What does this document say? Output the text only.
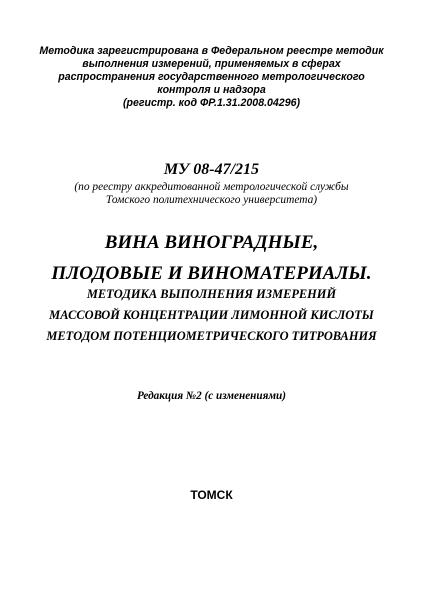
Методика зарегистрирована в Федеральном реестре методик
выполнения измерений, применяемых в сферах
распространения государственного метрологического
контроля и надзора
(регистр. код ФР.1.31.2008.04296)
МУ 08-47/215
(по реестру аккредитованной метрологической службы
Томского политехнического университета)
ВИНА ВИНОГРАДНЫЕ,
ПЛОДОВЫЕ И ВИНОМАТЕРИАЛЫ.
МЕТОДИКА ВЫПОЛНЕНИЯ ИЗМЕРЕНИЙ
МАССОВОЙ КОНЦЕНТРАЦИИ ЛИМОННОЙ КИСЛОТЫ
МЕТОДОМ ПОТЕНЦИОМЕТРИЧЕСКОГО ТИТРОВАНИЯ
Редакция №2 (с изменениями)
ТОМСК
